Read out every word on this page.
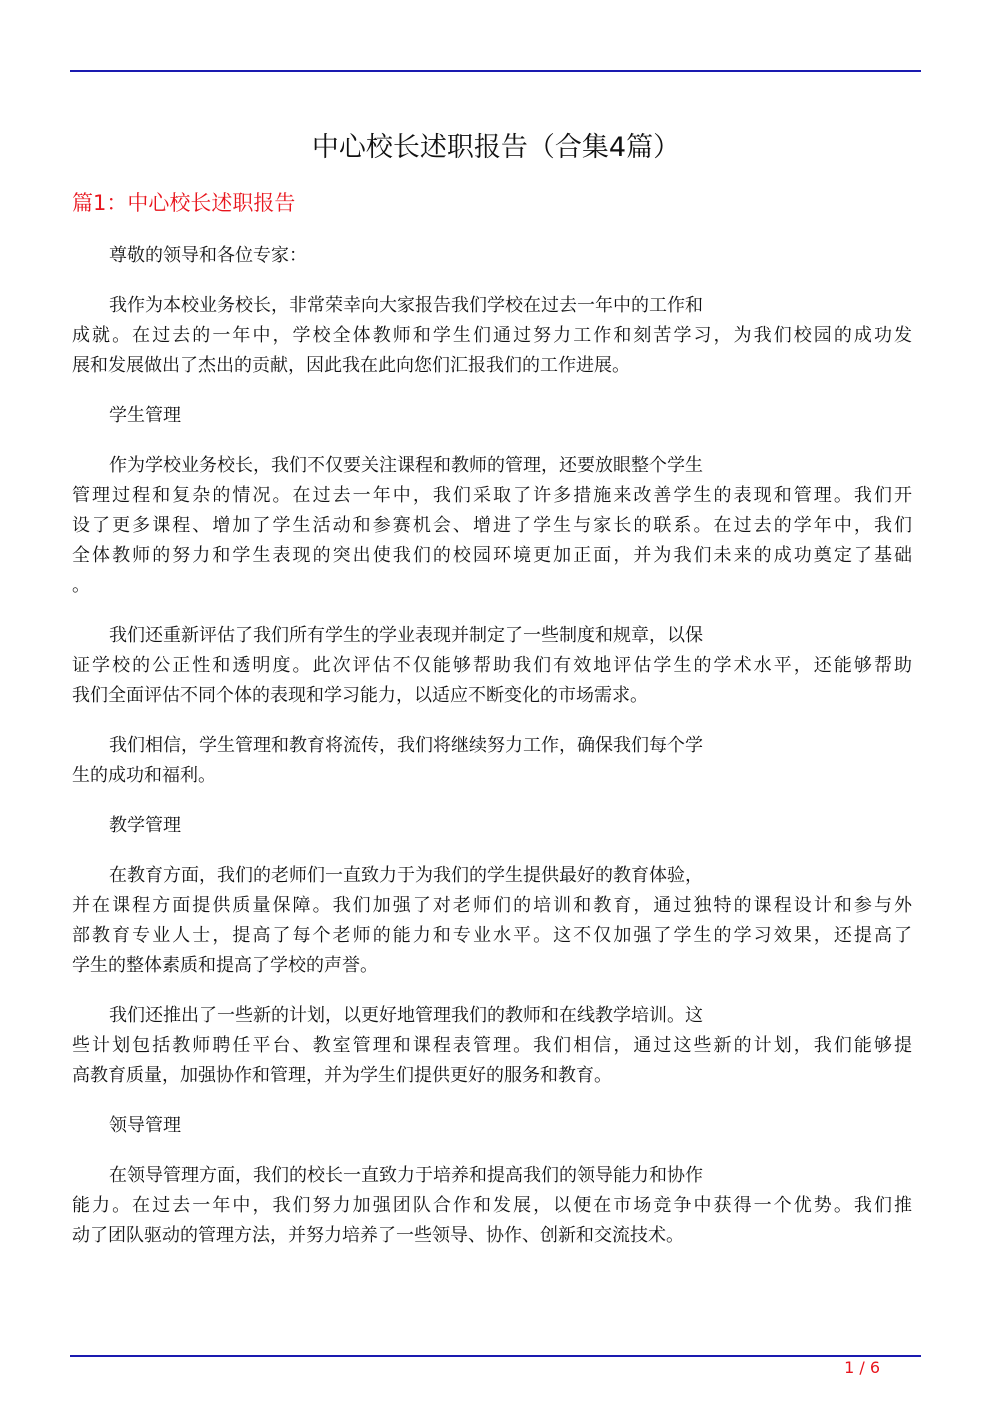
中心校长述职报告（合集4篇）
篇1：中心校长述职报告
尊敬的领导和各位专家：
我作为本校业务校长，非常荣幸向大家报告我们学校在过去一年中的工作和
成就。在过去的一年中，学校全体教师和学生们通过努力工作和刻苦学习，为我们校园的成功发
展和发展做出了杰出的贡献，因此我在此向您们汇报我们的工作进展。
学生管理
作为学校业务校长，我们不仅要关注课程和教师的管理，还要放眼整个学生
管理过程和复杂的情况。在过去一年中，我们采取了许多措施来改善学生的表现和管理。我们开
设了更多课程、增加了学生活动和参赛机会、增进了学生与家长的联系。在过去的学年中，我们
全体教师的努力和学生表现的突出使我们的校园环境更加正面，并为我们未来的成功奠定了基础
。
我们还重新评估了我们所有学生的学业表现并制定了一些制度和规章，以保
证学校的公正性和透明度。此次评估不仅能够帮助我们有效地评估学生的学术水平，还能够帮助
我们全面评估不同个体的表现和学习能力，以适应不断变化的市场需求。
我们相信，学生管理和教育将流传，我们将继续努力工作，确保我们每个学
生的成功和福利。
教学管理
在教育方面，我们的老师们一直致力于为我们的学生提供最好的教育体验，
并在课程方面提供质量保障。我们加强了对老师们的培训和教育，通过独特的课程设计和参与外
部教育专业人士，提高了每个老师的能力和专业水平。这不仅加强了学生的学习效果，还提高了
学生的整体素质和提高了学校的声誉。
我们还推出了一些新的计划，以更好地管理我们的教师和在线教学培训。这
些计划包括教师聘任平台、教室管理和课程表管理。我们相信，通过这些新的计划，我们能够提
高教育质量，加强协作和管理，并为学生们提供更好的服务和教育。
领导管理
在领导管理方面，我们的校长一直致力于培养和提高我们的领导能力和协作
能力。在过去一年中，我们努力加强团队合作和发展，以便在市场竞争中获得一个优势。我们推
动了团队驱动的管理方法，并努力培养了一些领导、协作、创新和交流技术。
1 / 6
